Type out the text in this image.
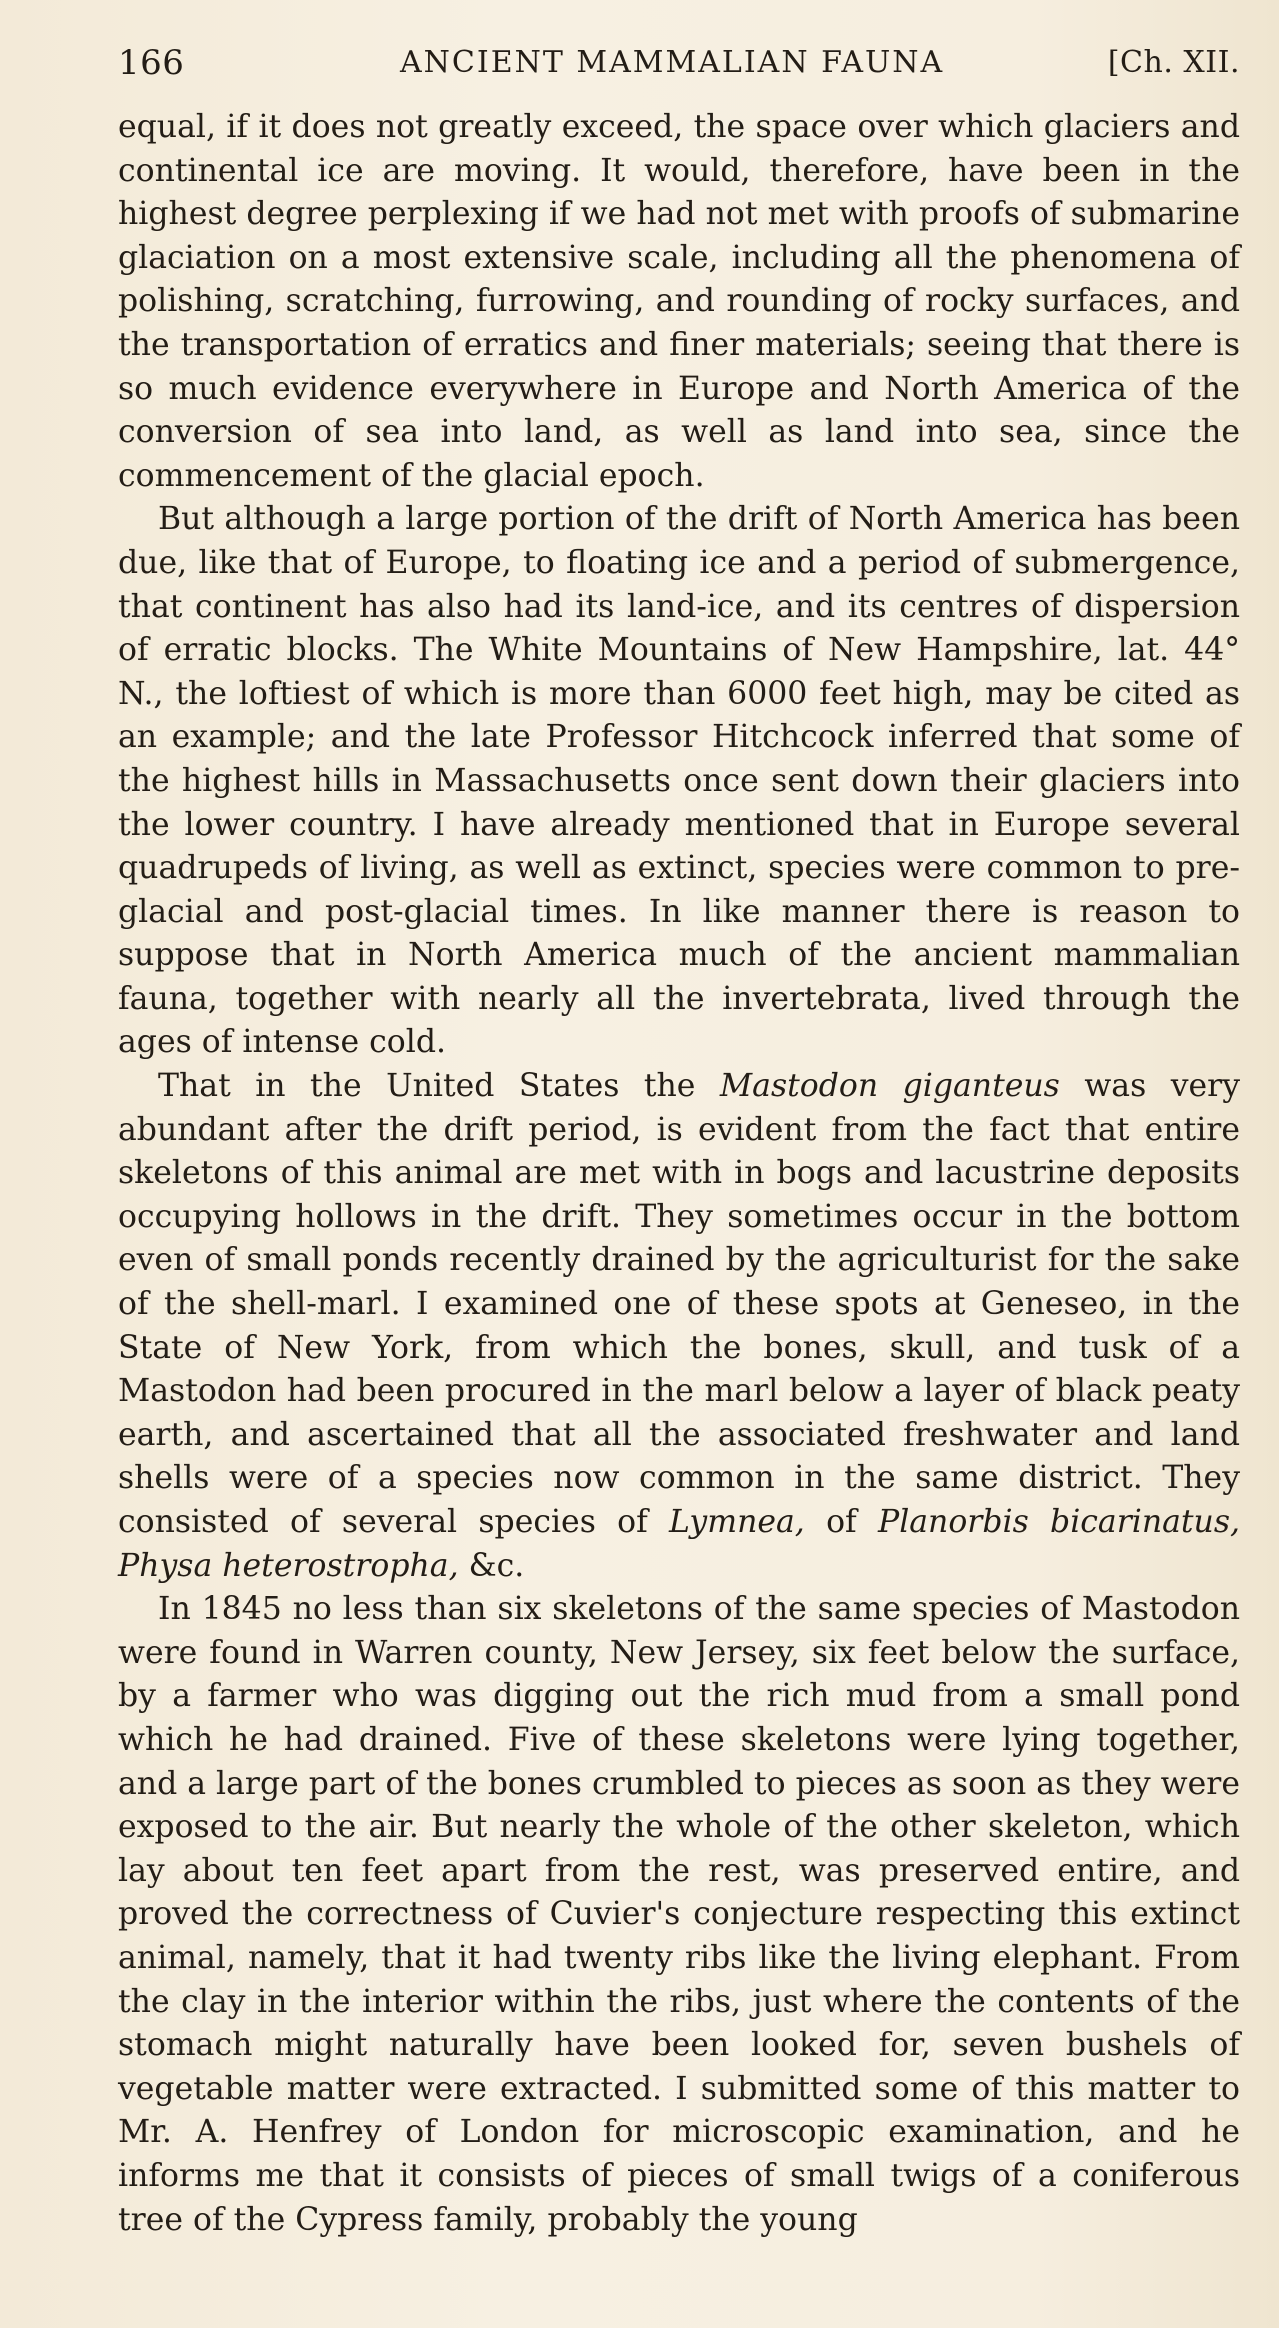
166	ANCIENT MAMMALIAN FAUNA	[Ch. XII.

equal, if it does not greatly exceed, the space over which glaciers and continental ice are moving. It would, therefore, have been in the highest degree perplexing if we had not met with proofs of submarine glaciation on a most extensive scale, including all the phenomena of polishing, scratching, furrowing, and rounding of rocky surfaces, and the transportation of erratics and finer materials; seeing that there is so much evidence everywhere in Europe and North America of the conversion of sea into land, as well as land into sea, since the commencement of the glacial epoch.

But although a large portion of the drift of North America has been due, like that of Europe, to floating ice and a period of submergence, that continent has also had its land-ice, and its centres of dispersion of erratic blocks. The White Mountains of New Hampshire, lat. 44° N., the loftiest of which is more than 6000 feet high, may be cited as an example; and the late Professor Hitchcock inferred that some of the highest hills in Massachusetts once sent down their glaciers into the lower country. I have already mentioned that in Europe several quadrupeds of living, as well as extinct, species were common to pre-glacial and post-glacial times. In like manner there is reason to suppose that in North America much of the ancient mammalian fauna, together with nearly all the invertebrata, lived through the ages of intense cold.

That in the United States the Mastodon giganteus was very abundant after the drift period, is evident from the fact that entire skeletons of this animal are met with in bogs and lacustrine deposits occupying hollows in the drift. They sometimes occur in the bottom even of small ponds recently drained by the agriculturist for the sake of the shell-marl. I examined one of these spots at Geneseo, in the State of New York, from which the bones, skull, and tusk of a Mastodon had been procured in the marl below a layer of black peaty earth, and ascertained that all the associated freshwater and land shells were of a species now common in the same district. They consisted of several species of Lymnea, of Planorbis bicarinatus, Physa heterostropha, &c.

In 1845 no less than six skeletons of the same species of Mastodon were found in Warren county, New Jersey, six feet below the surface, by a farmer who was digging out the rich mud from a small pond which he had drained. Five of these skeletons were lying together, and a large part of the bones crumbled to pieces as soon as they were exposed to the air. But nearly the whole of the other skeleton, which lay about ten feet apart from the rest, was preserved entire, and proved the correctness of Cuvier's conjecture respecting this extinct animal, namely, that it had twenty ribs like the living elephant. From the clay in the interior within the ribs, just where the contents of the stomach might naturally have been looked for, seven bushels of vegetable matter were extracted. I submitted some of this matter to Mr. A. Henfrey of London for microscopic examination, and he informs me that it consists of pieces of small twigs of a coniferous tree of the Cypress family, probably the young
